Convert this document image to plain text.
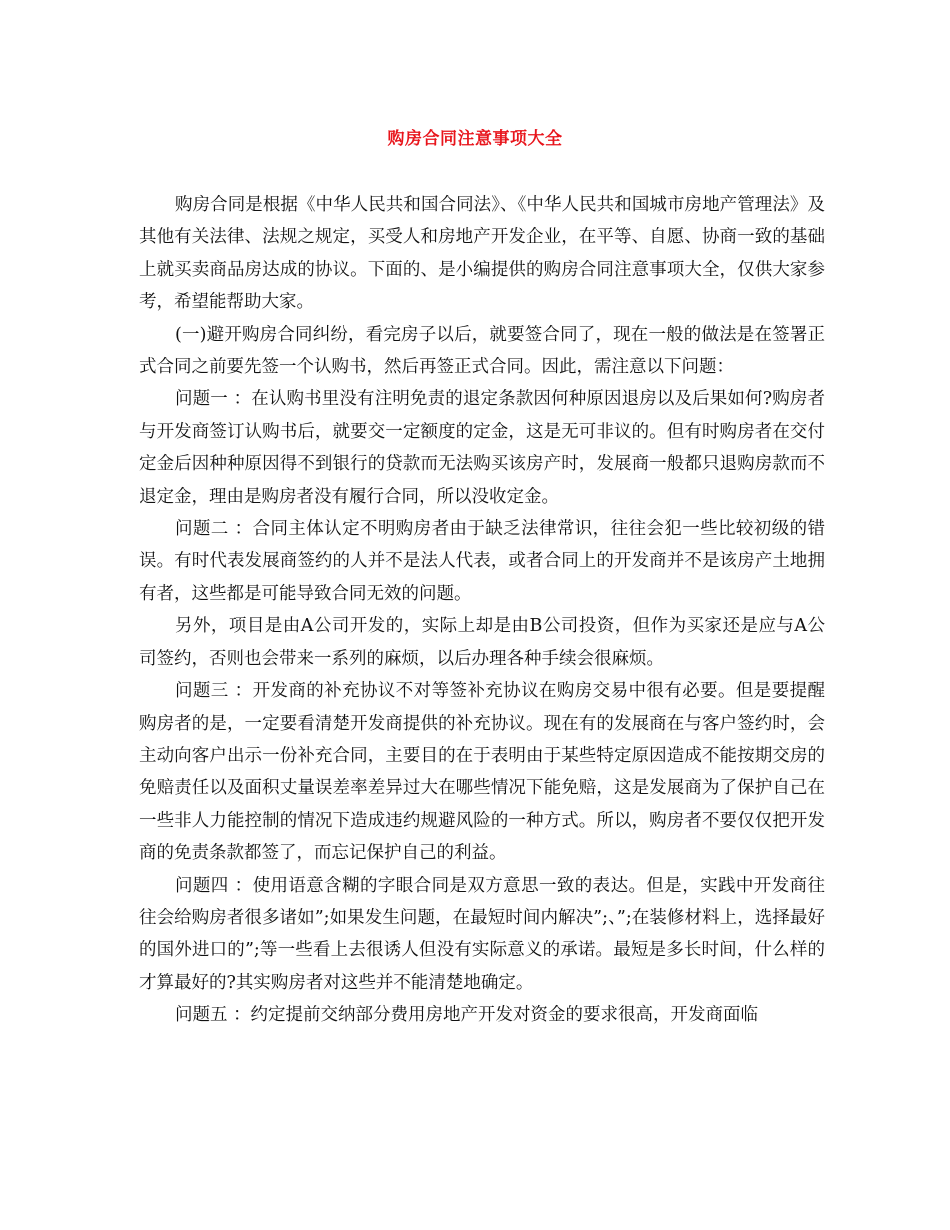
购房合同注意事项大全

购房合同是根据《中华人民共和国合同法》、《中华人民共和国城市房地产管理法》及其他有关法律、法规之规定，买受人和房地产开发企业，在平等、自愿、协商一致的基础上就买卖商品房达成的协议。下面的、是小编提供的购房合同注意事项大全，仅供大家参考，希望能帮助大家。

(一)避开购房合同纠纷，看完房子以后，就要签合同了，现在一般的做法是在签署正式合同之前要先签一个认购书，然后再签正式合同。因此，需注意以下问题：

问题一 ：在认购书里没有注明免责的退定条款因何种原因退房以及后果如何?购房者与开发商签订认购书后，就要交一定额度的定金，这是无可非议的。但有时购房者在交付定金后因种种原因得不到银行的贷款而无法购买该房产时，发展商一般都只退购房款而不退定金，理由是购房者没有履行合同，所以没收定金。

问题二 ：合同主体认定不明购房者由于缺乏法律常识，往往会犯一些比较初级的错误。有时代表发展商签约的人并不是法人代表，或者合同上的开发商并不是该房产土地拥有者，这些都是可能导致合同无效的问题。

另外，项目是由A公司开发的，实际上却是由B公司投资，但作为买家还是应与A公司签约，否则也会带来一系列的麻烦，以后办理各种手续会很麻烦。

问题三 ：开发商的补充协议不对等签补充协议在购房交易中很有必要。但是要提醒购房者的是，一定要看清楚开发商提供的补充协议。现在有的发展商在与客户签约时，会主动向客户出示一份补充合同，主要目的在于表明由于某些特定原因造成不能按期交房的免赔责任以及面积丈量误差率差异过大在哪些情况下能免赔，这是发展商为了保护自己在一些非人力能控制的情况下造成违约规避风险的一种方式。所以，购房者不要仅仅把开发商的免责条款都签了，而忘记保护自己的利益。

问题四 ：使用语意含糊的字眼合同是双方意思一致的表达。但是，实践中开发商往往会给购房者很多诸如”;如果发生问题，在最短时间内解决”;、”;在装修材料上，选择最好的国外进口的”;等一些看上去很诱人但没有实际意义的承诺。最短是多长时间，什么样的才算最好的?其实购房者对这些并不能清楚地确定。

问题五 ：约定提前交纳部分费用房地产开发对资金的要求很高，开发商面临
